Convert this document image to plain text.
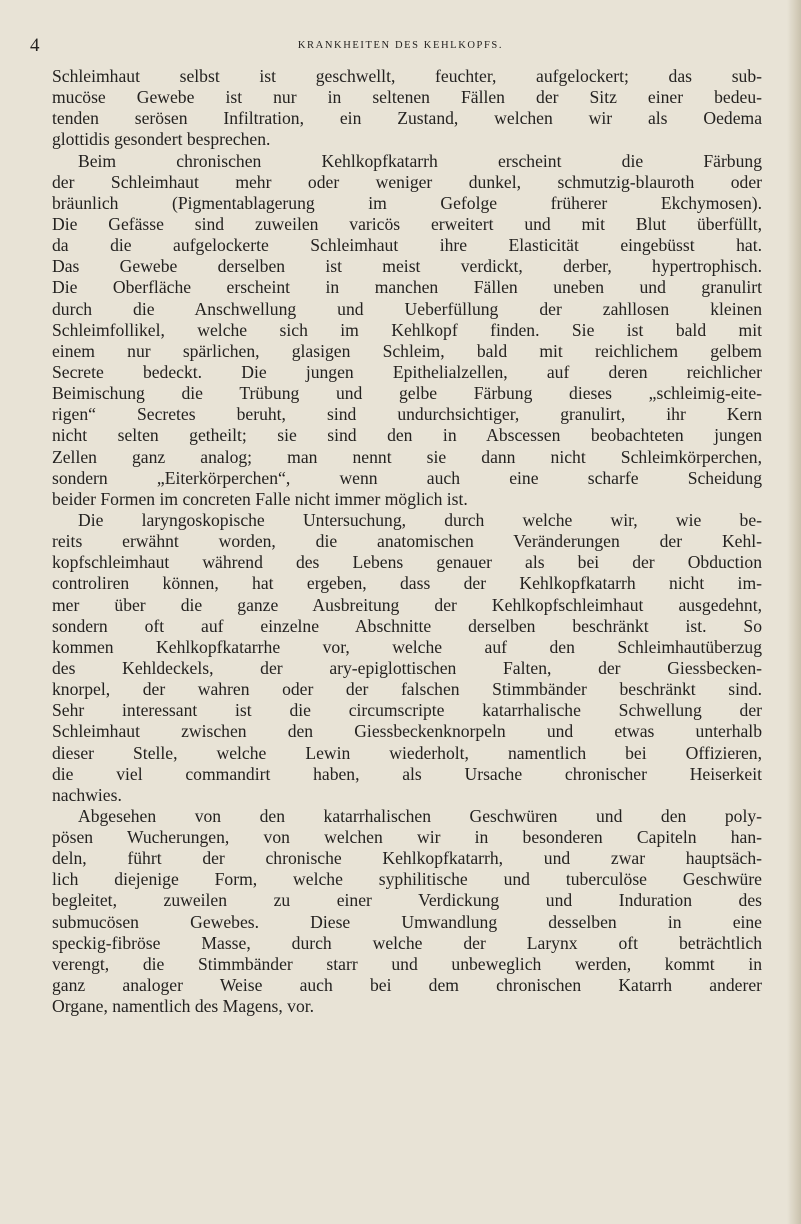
4	KRANKHEITEN DES KEHLKOPFS.
Schleimhaut selbst ist geschwellt, feuchter, aufgelockert; das sub-
mucöse Gewebe ist nur in seltenen Fällen der Sitz einer bedeu-
tenden serösen Infiltration, ein Zustand, welchen wir als Oedema
glottidis gesondert besprechen.
Beim chronischen Kehlkopfkatarrh erscheint die Färbung
der Schleimhaut mehr oder weniger dunkel, schmutzig-blauroth oder
bräunlich (Pigmentablagerung im Gefolge früherer Ekchymosen).
Die Gefässe sind zuweilen varicös erweitert und mit Blut überfüllt,
da die aufgelockerte Schleimhaut ihre Elasticität eingebüsst hat.
Das Gewebe derselben ist meist verdickt, derber, hypertrophisch.
Die Oberfläche erscheint in manchen Fällen uneben und granulirt
durch die Anschwellung und Ueberfüllung der zahllosen kleinen
Schleimfollikel, welche sich im Kehlkopf finden. Sie ist bald mit
einem nur spärlichen, glasigen Schleim, bald mit reichlichem gelbem
Secrete bedeckt. Die jungen Epithelialzellen, auf deren reichlicher
Beimischung die Trübung und gelbe Färbung dieses „schleimig-eite-
rigen“ Secretes beruht, sind undurchsichtiger, granulirt, ihr Kern
nicht selten getheilt; sie sind den in Abscessen beobachteten jungen
Zellen ganz analog; man nennt sie dann nicht Schleimkörperchen,
sondern „Eiterkörperchen“, wenn auch eine scharfe Scheidung
beider Formen im concreten Falle nicht immer möglich ist.
Die laryngoskopische Untersuchung, durch welche wir, wie be-
reits erwähnt worden, die anatomischen Veränderungen der Kehl-
kopfschleimhaut während des Lebens genauer als bei der Obduction
controliren können, hat ergeben, dass der Kehlkopfkatarrh nicht im-
mer über die ganze Ausbreitung der Kehlkopfschleimhaut ausgedehnt,
sondern oft auf einzelne Abschnitte derselben beschränkt ist. So
kommen Kehlkopfkatarrhe vor, welche auf den Schleimhautüberzug
des Kehldeckels, der ary-epiglottischen Falten, der Giessbecken-
knorpel, der wahren oder der falschen Stimmbänder beschränkt sind.
Sehr interessant ist die circumscripte katarrhalische Schwellung der
Schleimhaut zwischen den Giessbeckenknorpeln und etwas unterhalb
dieser Stelle, welche Lewin wiederholt, namentlich bei Offizieren,
die viel commandirt haben, als Ursache chronischer Heiserkeit
nachwies.
Abgesehen von den katarrhalischen Geschwüren und den poly-
pösen Wucherungen, von welchen wir in besonderen Capiteln han-
deln, führt der chronische Kehlkopfkatarrh, und zwar hauptsäch-
lich diejenige Form, welche syphilitische und tuberculöse Geschwüre
begleitet, zuweilen zu einer Verdickung und Induration des
submucösen Gewebes. Diese Umwandlung desselben in eine
speckig-fibröse Masse, durch welche der Larynx oft beträchtlich
verengt, die Stimmbänder starr und unbeweglich werden, kommt in
ganz analoger Weise auch bei dem chronischen Katarrh anderer
Organe, namentlich des Magens, vor.
